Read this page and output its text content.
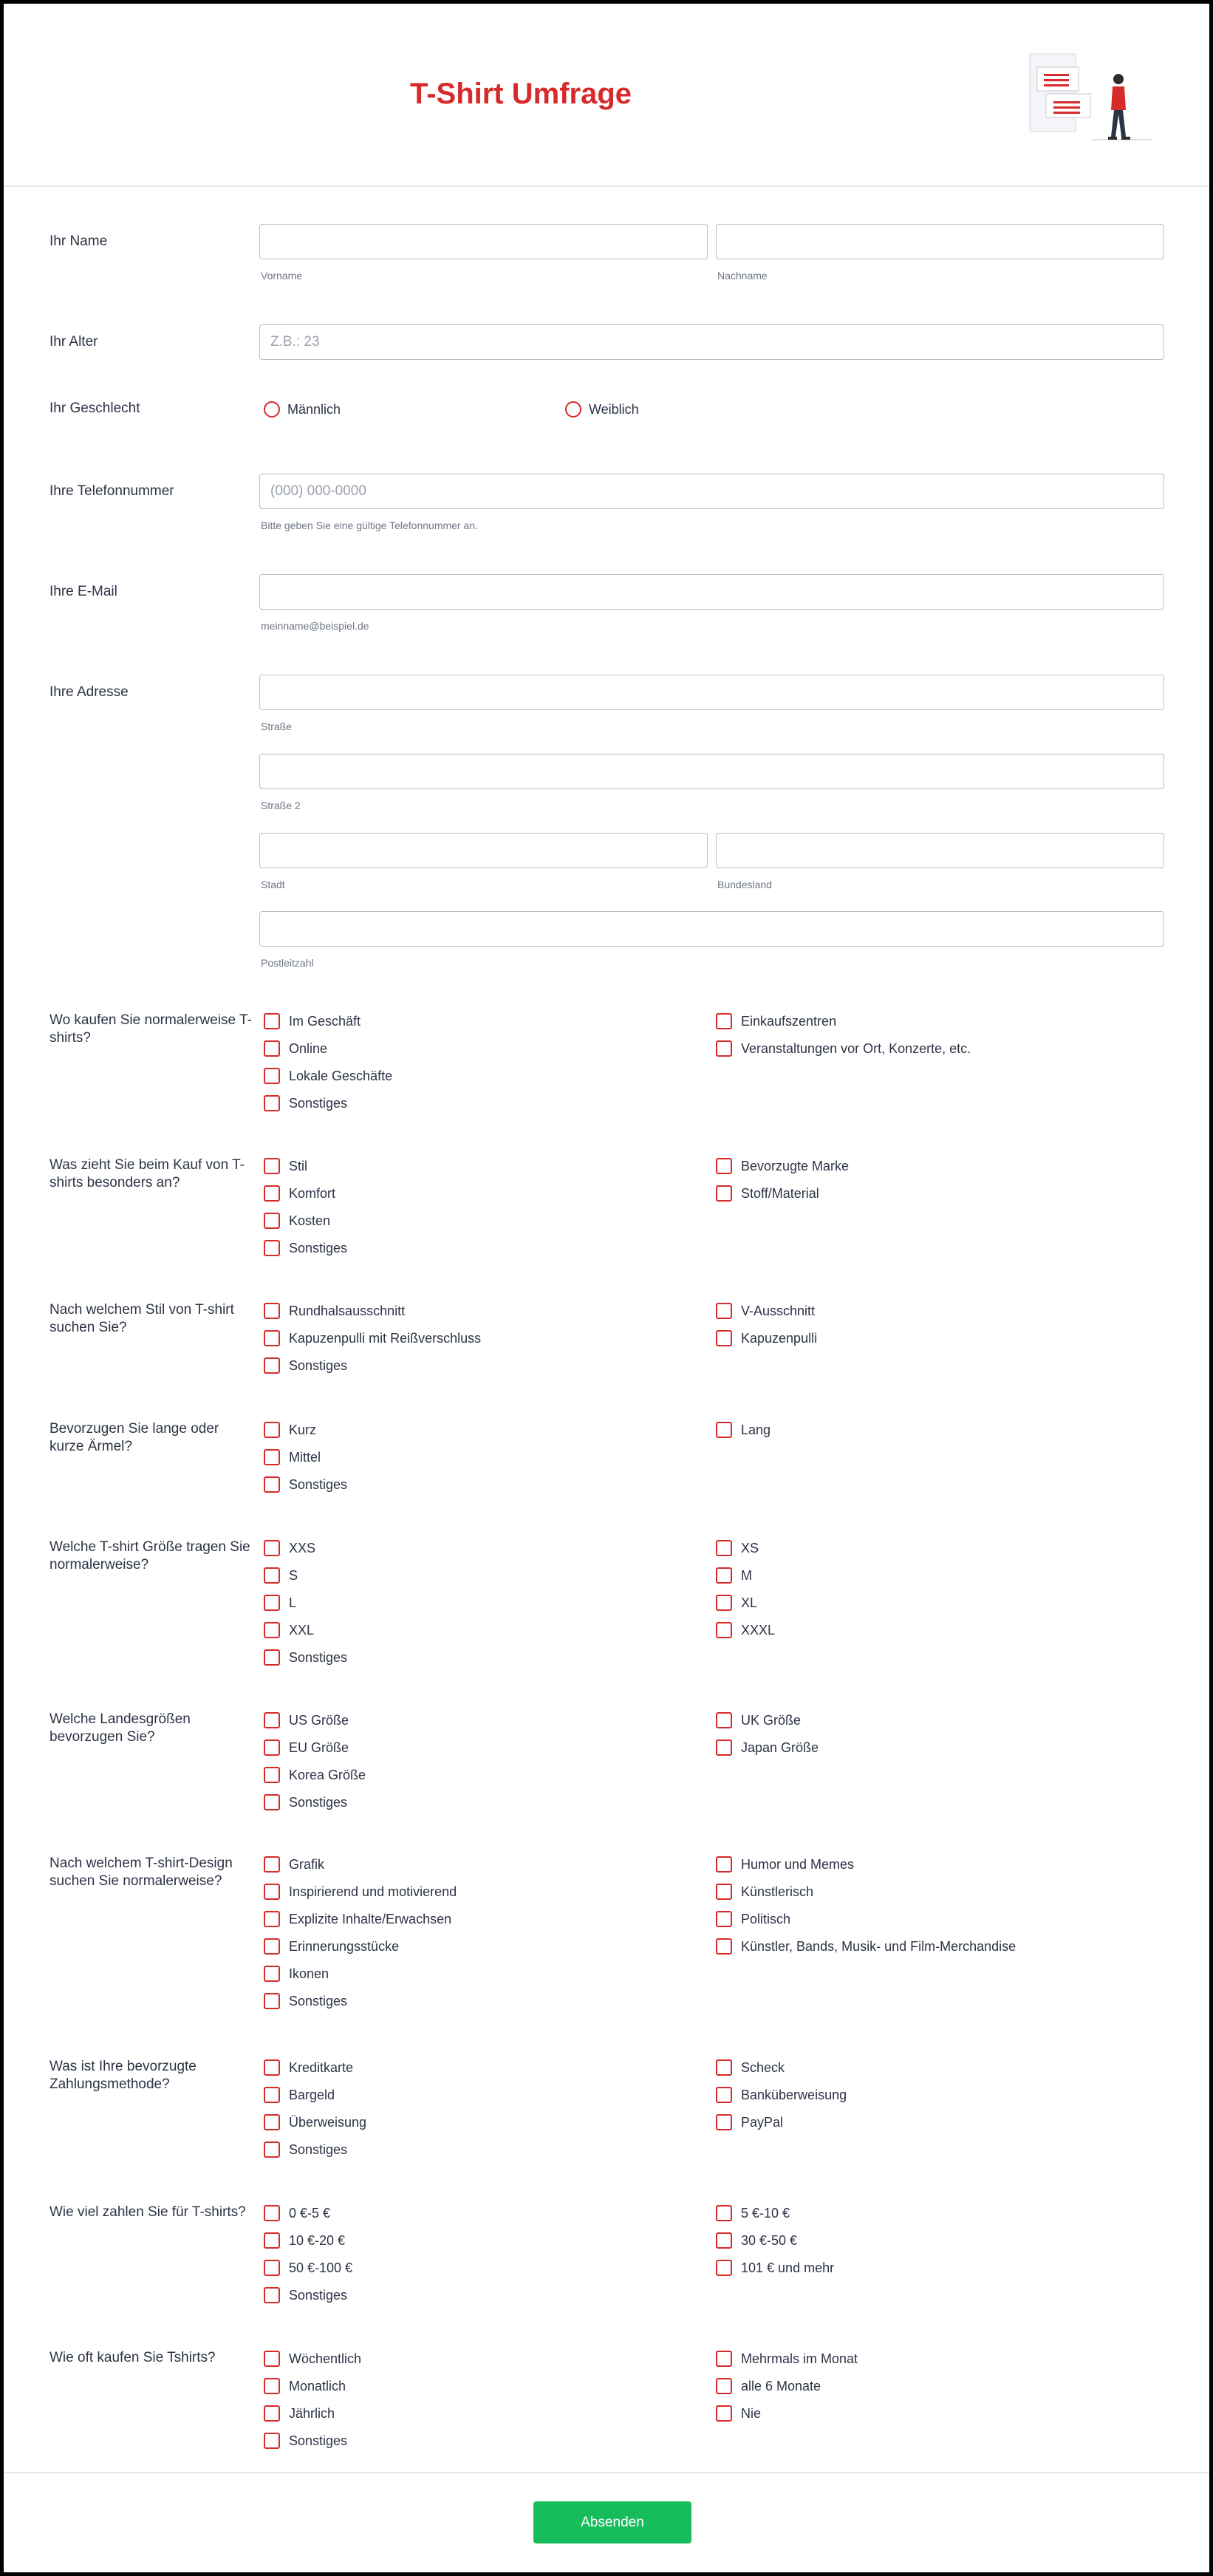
T-Shirt Umfrage
Ihr Name
Vorname	Nachname
Ihr Alter
Z.B.: 23
Ihr Geschlecht	Männlich	Weiblich
Ihre Telefonnummer
(000) 000-0000
Bitte geben Sie eine gültige Telefonnummer an.
Ihre E-Mail
meinname@beispiel.de
Ihre Adresse
Straße
Straße 2
Stadt	Bundesland
Postleitzahl
Wo kaufen Sie normalerweise T-shirts?
Im Geschäft
Online
Lokale Geschäfte
Sonstiges
Einkaufszentren
Veranstaltungen vor Ort, Konzerte, etc.
Was zieht Sie beim Kauf von T-shirts besonders an?
Stil
Komfort
Kosten
Sonstiges
Bevorzugte Marke
Stoff/Material
Nach welchem Stil von T-shirt suchen Sie?
Rundhalsausschnitt
Kapuzenpulli mit Reißverschluss
Sonstiges
V-Ausschnitt
Kapuzenpulli
Bevorzugen Sie lange oder kurze Ärmel?
Kurz
Mittel
Sonstiges
Lang
Welche T-shirt Größe tragen Sie normalerweise?
XXS
S
L
XXL
Sonstiges
XS
M
XL
XXXL
Welche Landesgrößen bevorzugen Sie?
US Größe
EU Größe
Korea Größe
Sonstiges
UK Größe
Japan Größe
Nach welchem T-shirt-Design suchen Sie normalerweise?
Grafik
Inspirierend und motivierend
Explizite Inhalte/Erwachsen
Erinnerungsstücke
Ikonen
Sonstiges
Humor und Memes
Künstlerisch
Politisch
Künstler, Bands, Musik- und Film-Merchandise
Was ist Ihre bevorzugte Zahlungsmethode?
Kreditkarte
Bargeld
Überweisung
Sonstiges
Scheck
Banküberweisung
PayPal
Wie viel zahlen Sie für T-shirts?	0 €-5 €
10 €-20 €
50 €-100 €
Sonstiges
5 €-10 €
30 €-50 €
101 € und mehr
Wie oft kaufen Sie Tshirts?	Wöchentlich
Monatlich
Jährlich
Sonstiges
Mehrmals im Monat
alle 6 Monate
Nie
Absenden
